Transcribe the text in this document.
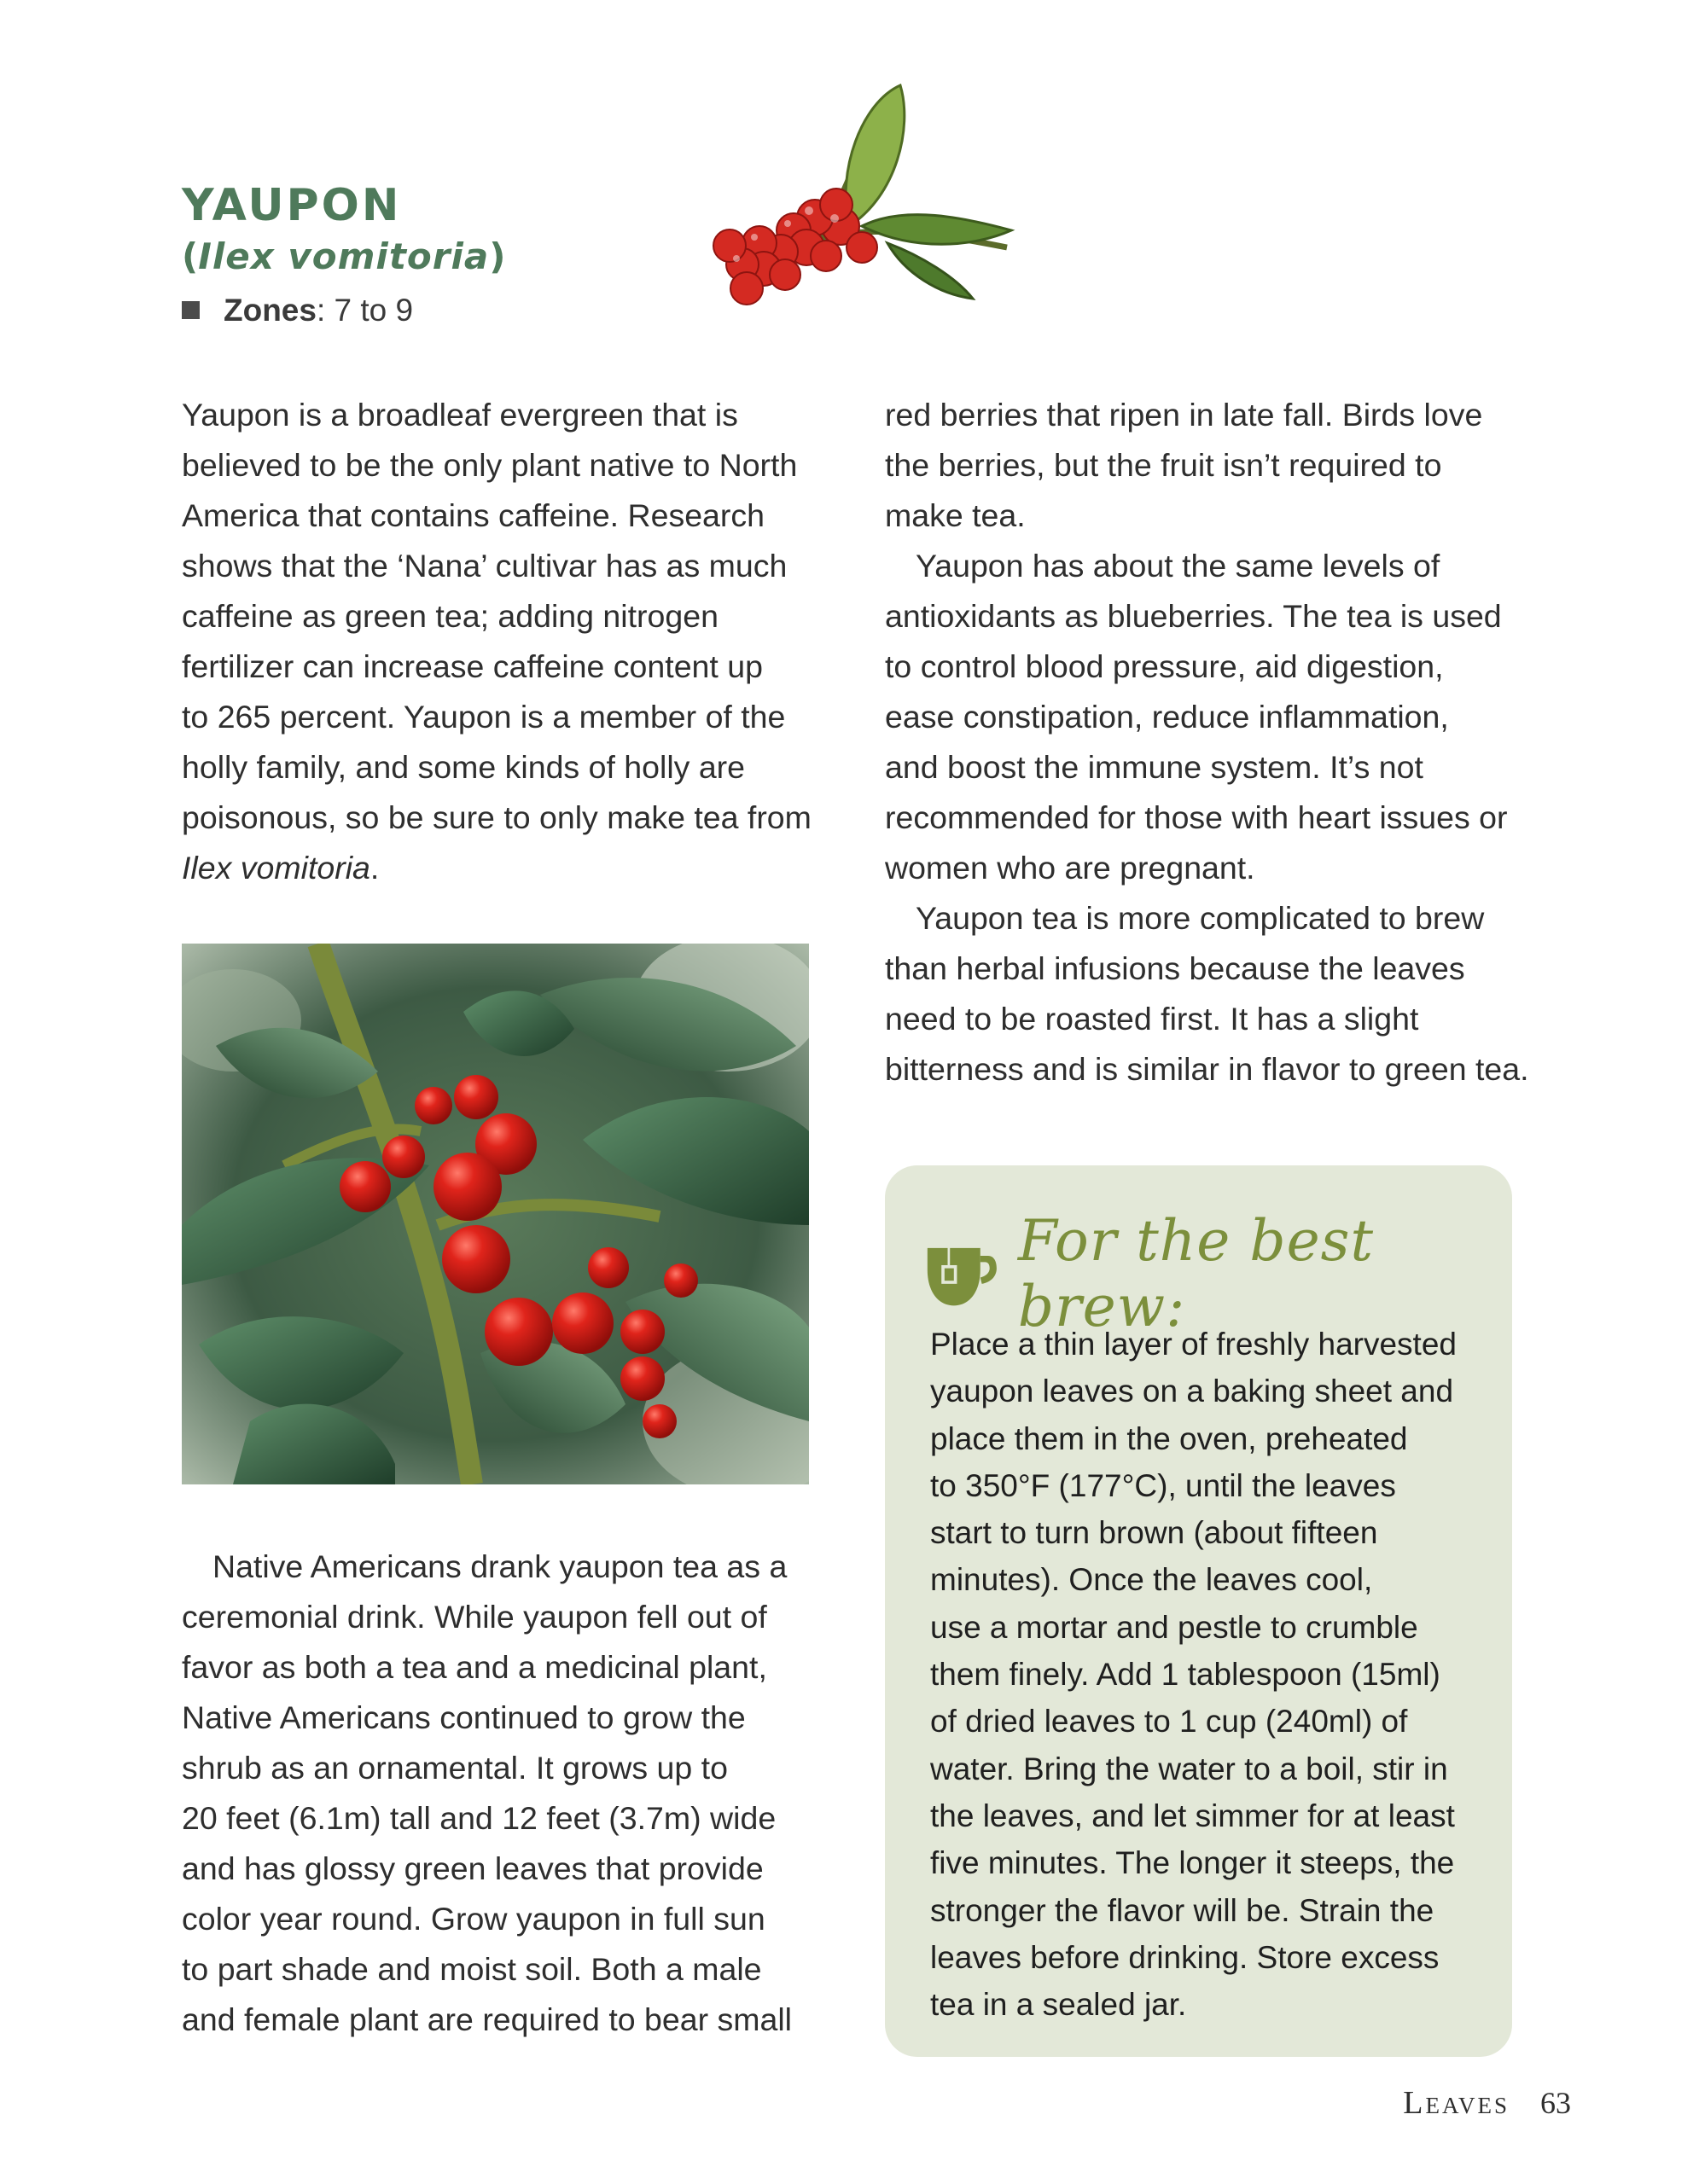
YAUPON
(Ilex vomitoria)
Zones : 7 to 9

Yaupon is a broadleaf evergreen that is

believed to be the only plant native to North

America that contains caffeine. Research

shows that the ‘Nana’ cultivar has as much

caffeine as green tea; adding nitrogen

fertilizer can increase caffeine content up

to 265 percent. Yaupon is a member of the

holly family, and some kinds of holly are

poisonous, so be sure to only make tea from

Ilex vomitoria.

Native Americans drank yaupon tea as a

ceremonial drink. While yaupon fell out of

favor as both a tea and a medicinal plant,

Native Americans continued to grow the

shrub as an ornamental. It grows up to

20 feet (6.1m) tall and 12 feet (3.7m) wide

and has glossy green leaves that provide

color year round. Grow yaupon in full sun

to part shade and moist soil. Both a male

and female plant are required to bear small

red berries that ripen in late fall. Birds love

the berries, but the fruit isn’t required to

make tea.

Yaupon has about the same levels of

antioxidants as blueberries. The tea is used

to control blood pressure, aid digestion,

ease constipation, reduce inflammation,

and boost the immune system. It’s not

recommended for those with heart issues or

women who are pregnant.

Yaupon tea is more complicated to brew

than herbal infusions because the leaves

need to be roasted first. It has a slight

bitterness and is similar in flavor to green tea.

For the best brew:

Place a thin layer of freshly harvested

yaupon leaves on a baking sheet and

place them in the oven, preheated

to 350°F (177°C), until the leaves

start to turn brown (about fifteen

minutes). Once the leaves cool,

use a mortar and pestle to crumble

them finely. Add 1 tablespoon (15ml)

of dried leaves to 1 cup (240ml) of

water. Bring the water to a boil, stir in

the leaves, and let simmer for at least

five minutes. The longer it steeps, the

stronger the flavor will be. Strain the

leaves before drinking. Store excess

tea in a sealed jar.

Leaves 63
